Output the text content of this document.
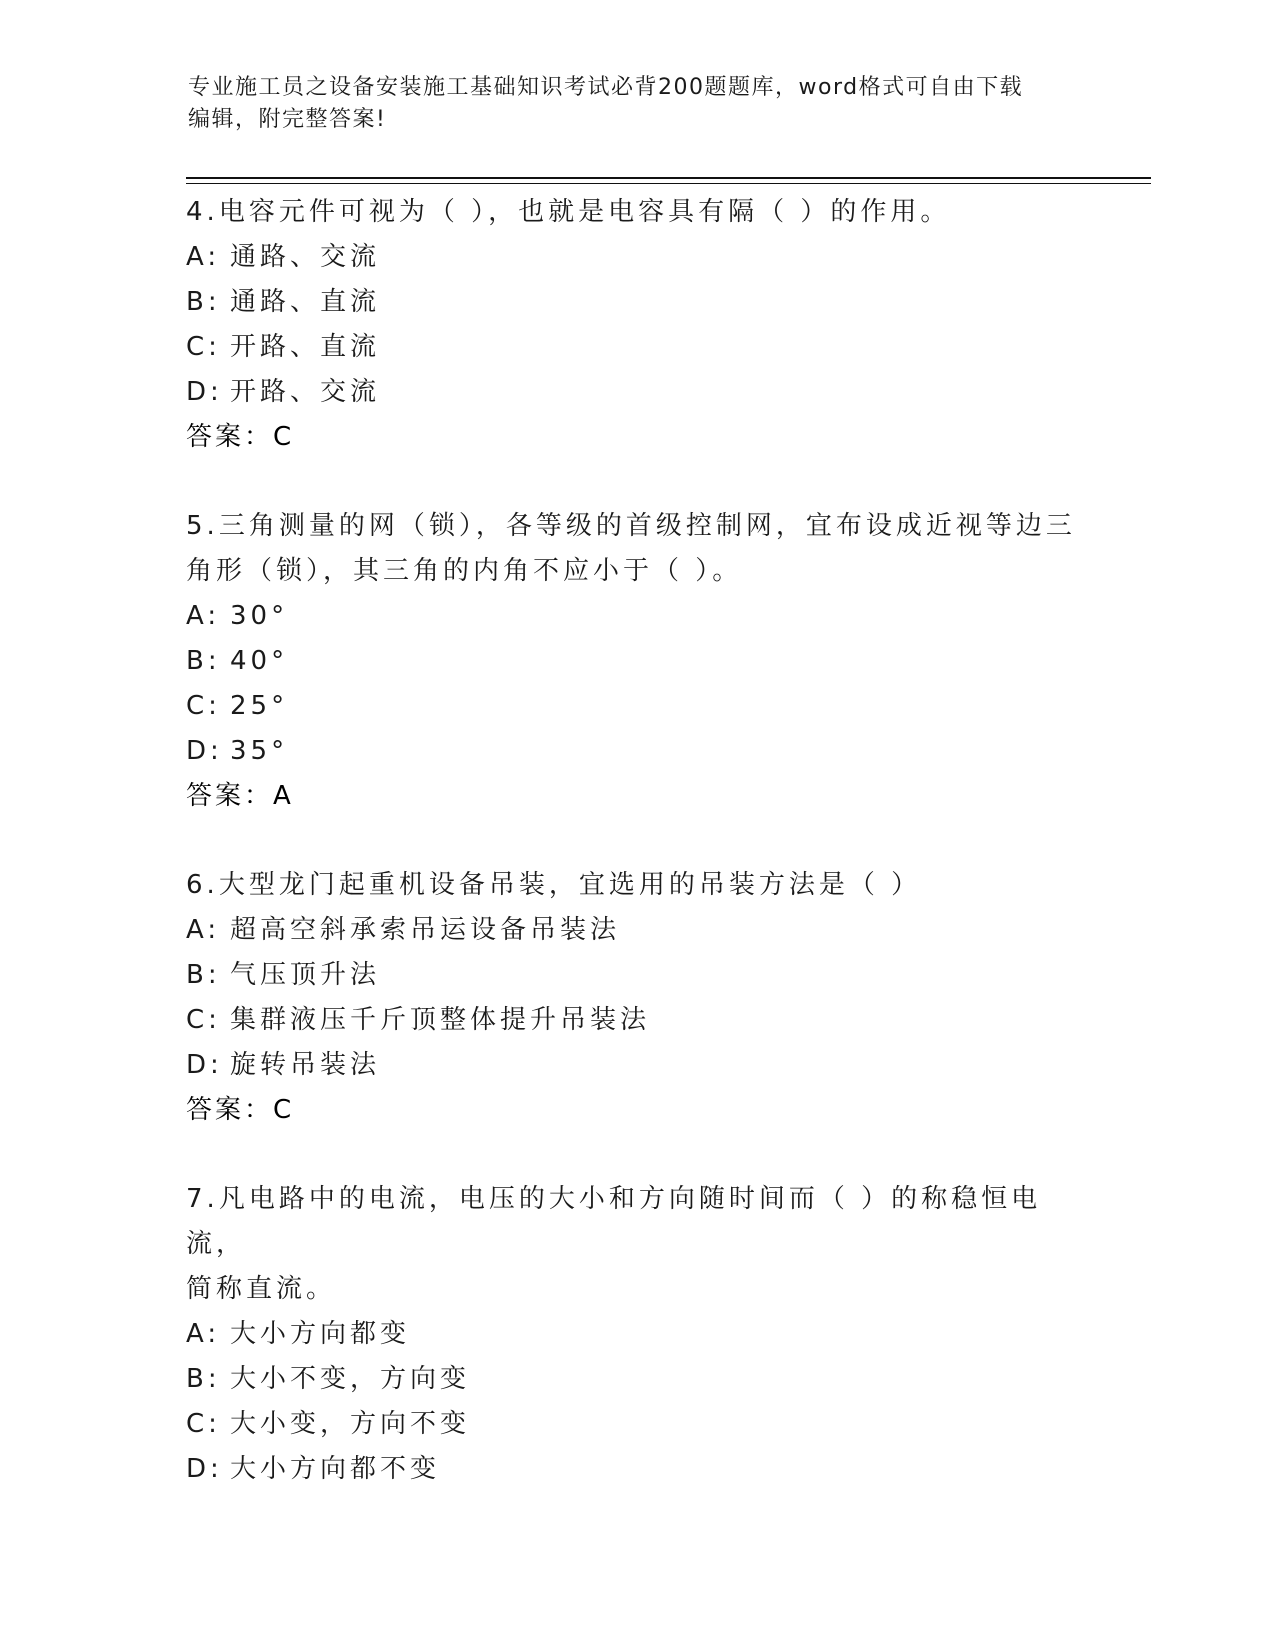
专业施工员之设备安装施工基础知识考试必背200题题库，word格式可自由下载
编辑，附完整答案!

4.电容元件可视为（ ），也就是电容具有隔（ ）的作用。

A: 通路、交流

B: 通路、直流

C: 开路、直流

D: 开路、交流

答案：C

5.三角测量的网（锁），各等级的首级控制网，宜布设成近视等边三

角形（锁），其三角的内角不应小于（ ）。

A: 30°

B: 40°

C: 25°

D: 35°

答案：A

6.大型龙门起重机设备吊装，宜选用的吊装方法是（ ）

A: 超高空斜承索吊运设备吊装法

B: 气压顶升法

C: 集群液压千斤顶整体提升吊装法

D: 旋转吊装法

答案：C

7.凡电路中的电流，电压的大小和方向随时间而（ ）的称稳恒电流，

简称直流。

A: 大小方向都变

B: 大小不变，方向变

C: 大小变，方向不变

D: 大小方向都不变
